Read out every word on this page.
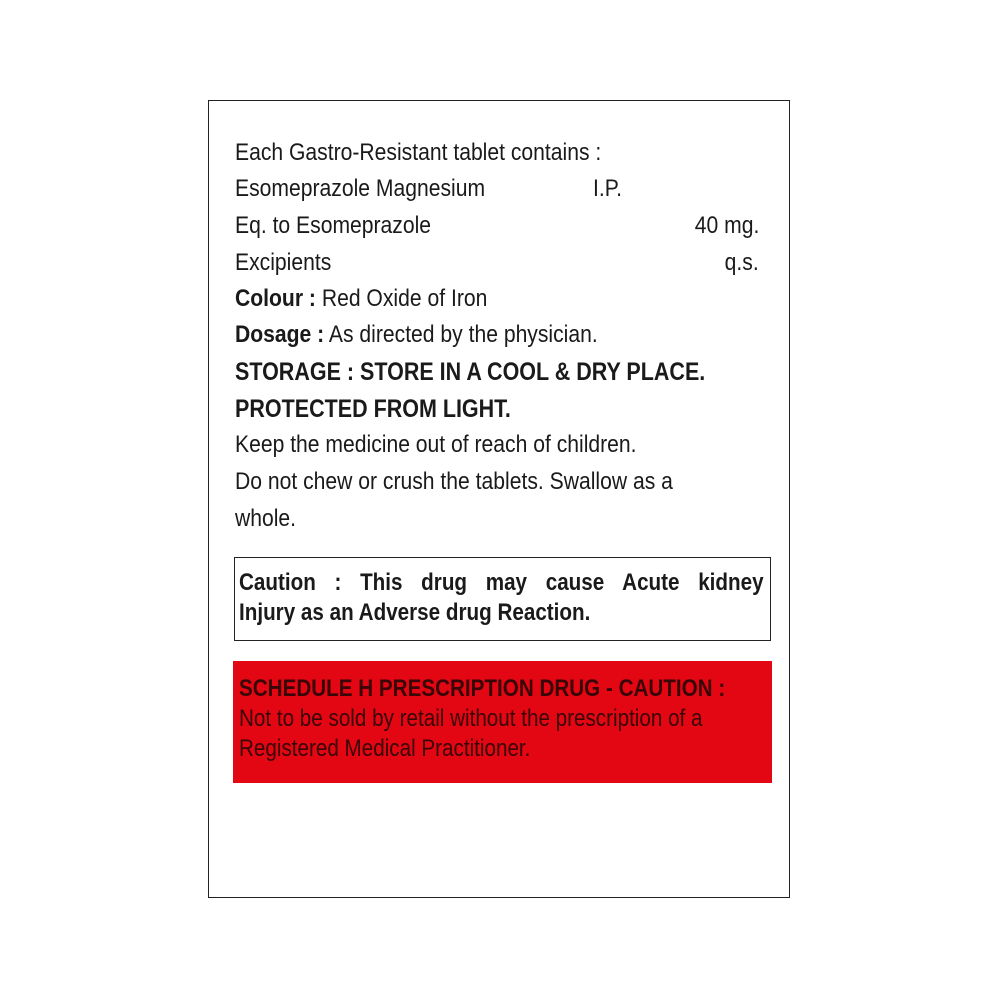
Each Gastro-Resistant tablet contains :
Esomeprazole Magnesium	I.P.
Eq. to Esomeprazole	40 mg.
Excipients	q.s.
Colour : Red Oxide of Iron
Dosage : As directed by the physician.
STORAGE : STORE IN A COOL & DRY PLACE.
PROTECTED FROM LIGHT.
Keep the medicine out of reach of children.
Do not chew or crush the tablets. Swallow as a
whole.
Caution : This drug may cause Acute kidney
Injury as an Adverse drug Reaction.
SCHEDULE H PRESCRIPTION DRUG - CAUTION :
Not to be sold by retail without the prescription of a
Registered Medical Practitioner.
